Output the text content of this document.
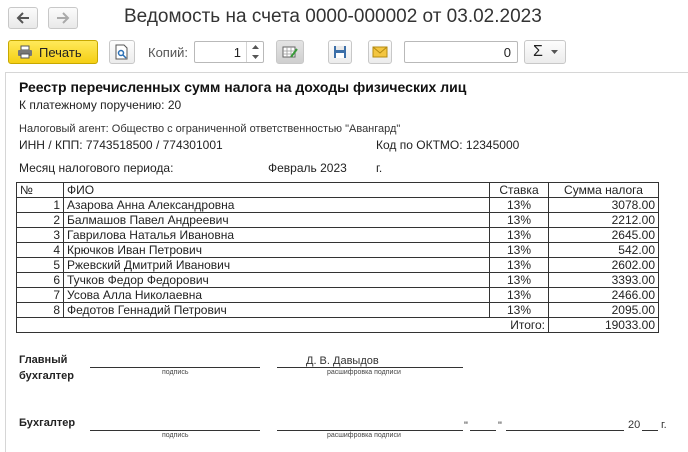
Ведомость на счета 0000-000002 от 03.02.2023
Печать	Копий:	1	0 Σ
Реестр перечисленных сумм налога на доходы физических лиц
К платежному поручению: 20
Налоговый агент: Общество с ограниченной ответственностью "Авангард"
ИНН / КПП: 7743518500 / 774301001	Код по ОКТМО: 12345000
Месяц налогового периода:	Февраль 2023 г.
№	ФИО	Ставка	Сумма налога
1	Азарова Анна Александровна	13%	3078.00
2	Балмашов Павел Андреевич	13%	2212.00
3	Гаврилова Наталья Ивановна	13%	2645.00
4	Крючков Иван Петрович	13%	542.00
5	Ржевский Дмитрий Иванович	13%	2602.00
6	Тучков Федор Федорович	13%	3393.00
7	Усова Алла Николаевна	13%	2466.00
8	Федотов Геннадий Петрович	13%	2095.00
		Итого:	19033.00
Главный
бухгалтер	подпись
Д. В. Давыдов
расшифровка подписи
Бухгалтер
подпись	расшифровка подписи
"	"	20 г.
